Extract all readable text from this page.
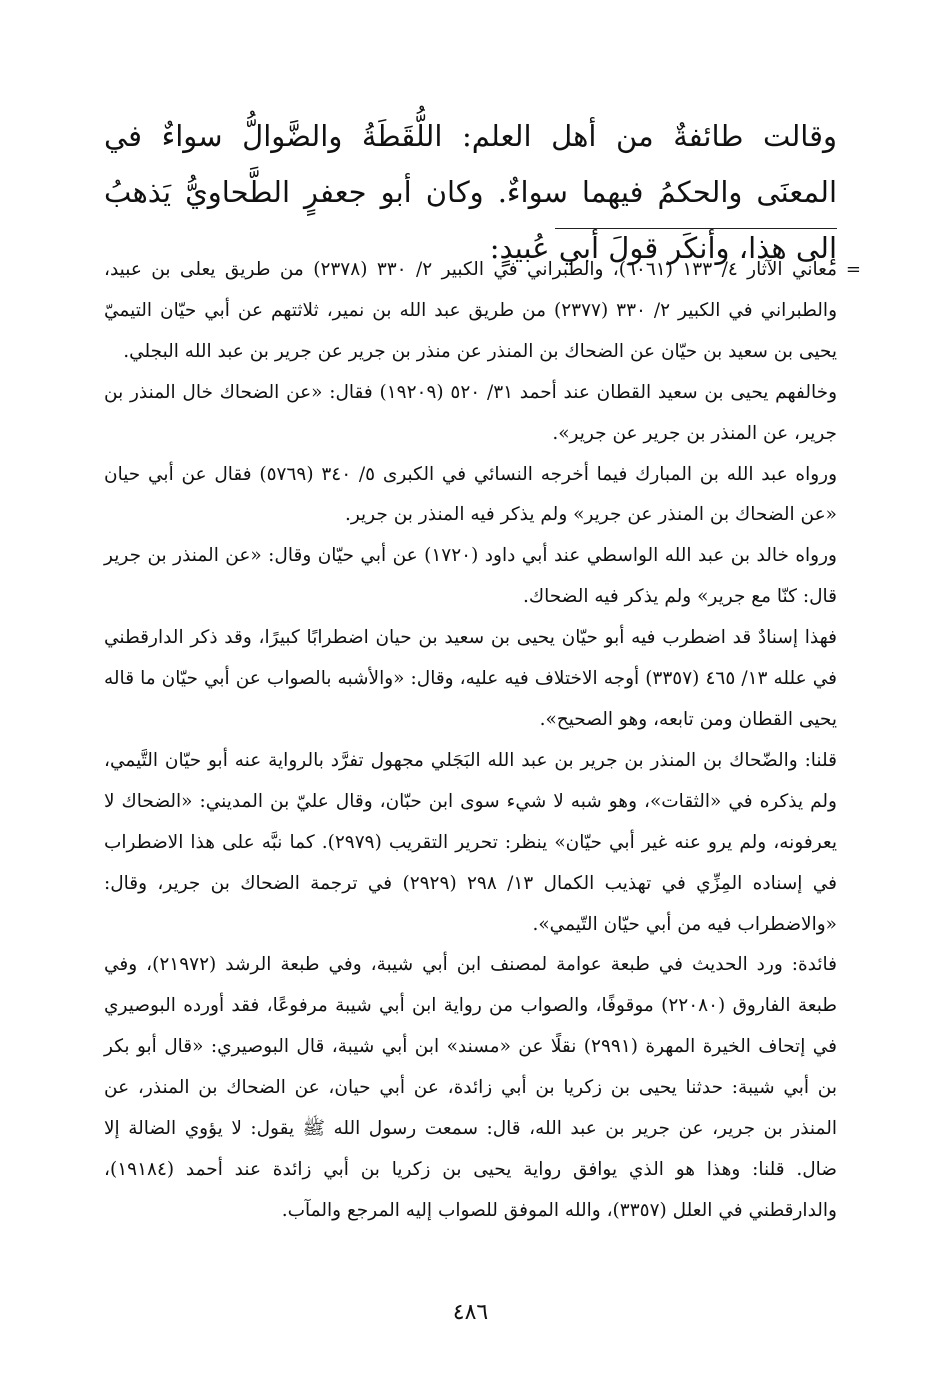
وقالت طائفةٌ من أهل العلم: اللُّقَطَةُ والضَّوالُّ سواءٌ في المعنَى والحكمُ فيهما سواءٌ. وكان أبو جعفرٍ الطَّحاويُّ يَذهبُ إلى هذا، وأنكَر قولَ أبي عُبيدٍ:

=

معاني الآثار ٤/ ١٣٣ (٦٠٦١)، والطبراني في الكبير ٢/ ٣٣٠ (٢٣٧٨) من طريق يعلى بن عبيد، والطبراني في الكبير ٢/ ٣٣٠ (٢٣٧٧) من طريق عبد الله بن نمير، ثلاثتهم عن أبي حيّان التيميّ يحيى بن سعيد بن حيّان عن الضحاك بن المنذر عن منذر بن جرير عن جرير بن عبد الله البجلي.

وخالفهم يحيى بن سعيد القطان عند أحمد ٣١/ ٥٢٠ (١٩٢٠٩) فقال: «عن الضحاك خال المنذر بن جرير، عن المنذر بن جرير عن جرير».

ورواه عبد الله بن المبارك فيما أخرجه النسائي في الكبرى ٥/ ٣٤٠ (٥٧٦٩) فقال عن أبي حيان «عن الضحاك بن المنذر عن جرير» ولم يذكر فيه المنذر بن جرير.

ورواه خالد بن عبد الله الواسطي عند أبي داود (١٧٢٠) عن أبي حيّان وقال: «عن المنذر بن جرير قال: كنّا مع جرير» ولم يذكر فيه الضحاك.

فهذا إسنادٌ قد اضطرب فيه أبو حيّان يحيى بن سعيد بن حيان اضطرابًا كبيرًا، وقد ذكر الدارقطني في علله ١٣/ ٤٦٥ (٣٣٥٧) أوجه الاختلاف فيه عليه، وقال: «والأشبه بالصواب عن أبي حيّان ما قاله يحيى القطان ومن تابعه، وهو الصحيح».

قلنا: والضّحاك بن المنذر بن جرير بن عبد الله البَجَلي مجهول تفرَّد بالرواية عنه أبو حيّان التَّيمي، ولم يذكره في «الثقات»، وهو شبه لا شيء سوى ابن حبّان، وقال عليّ بن المديني: «الضحاك لا يعرفونه، ولم يرو عنه غير أبي حيّان» ينظر: تحرير التقريب (٢٩٧٩). كما نبَّه على هذا الاضطراب في إسناده المِزِّي في تهذيب الكمال ١٣/ ٢٩٨ (٢٩٢٩) في ترجمة الضحاك بن جرير، وقال: «والاضطراب فيه من أبي حيّان التّيمي».

فائدة: ورد الحديث في طبعة عوامة لمصنف ابن أبي شيبة، وفي طبعة الرشد (٢١٩٧٢)، وفي طبعة الفاروق (٢٢٠٨٠) موقوفًا، والصواب من رواية ابن أبي شيبة مرفوعًا، فقد أورده البوصيري في إتحاف الخيرة المهرة (٢٩٩١) نقلًا عن «مسند» ابن أبي شيبة، قال البوصيري: «قال أبو بكر بن أبي شيبة: حدثنا يحيى بن زكريا بن أبي زائدة، عن أبي حيان، عن الضحاك بن المنذر، عن المنذر بن جرير، عن جرير بن عبد الله، قال: سمعت رسول الله ﷺ يقول: لا يؤوي الضالة إلا ضال. قلنا: وهذا هو الذي يوافق رواية يحيى بن زكريا بن أبي زائدة عند أحمد (١٩١٨٤)، والدارقطني في العلل (٣٣٥٧)، والله الموفق للصواب إليه المرجع والمآب.

٤٨٦
